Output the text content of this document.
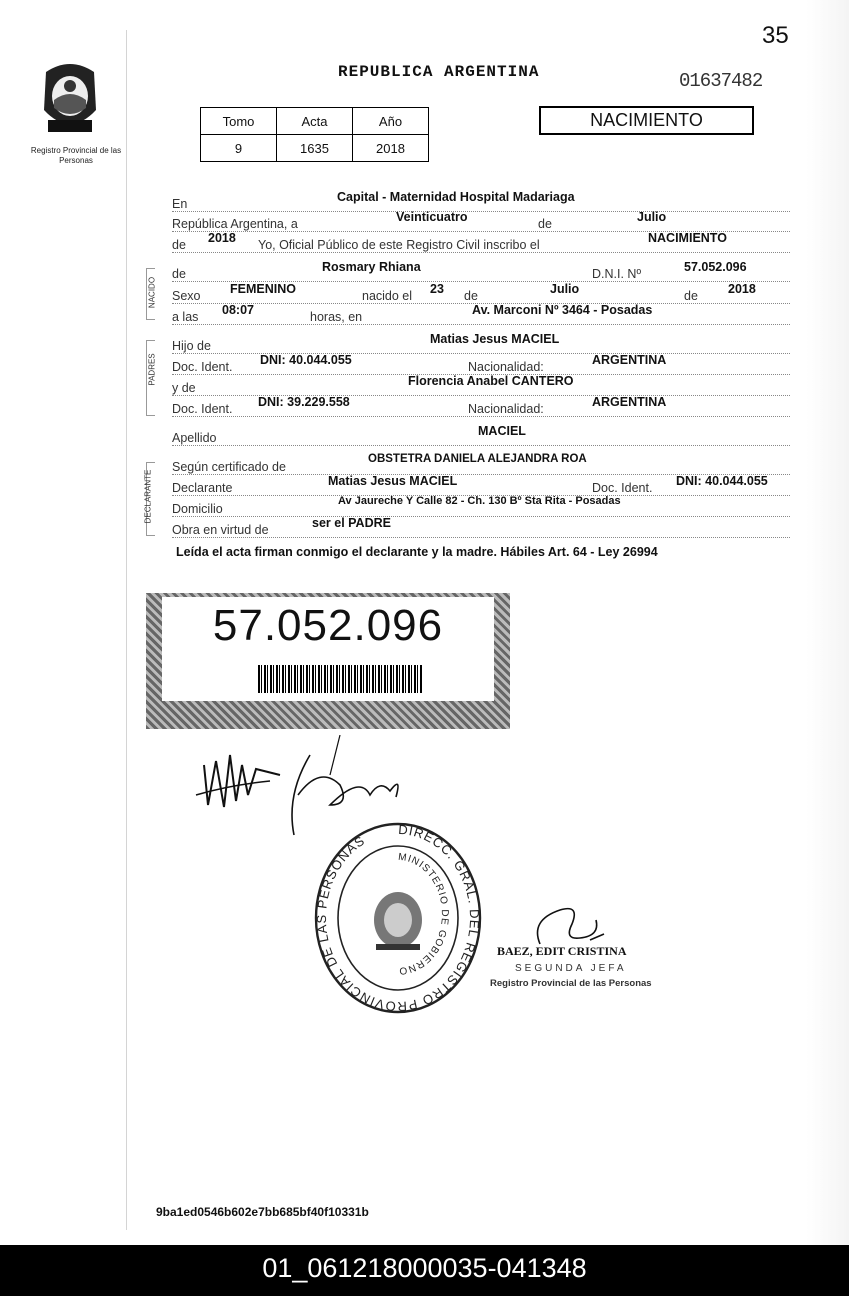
35
Registro Provincial de las Personas
REPUBLICA ARGENTINA	01637482
Tomo	Acta	Año
9	1635	2018
NACIMIENTO
En	Capital - Maternidad Hospital Madariaga
República Argentina, a	Veinticuatro	de	Julio
de 2018 Yo, Oficial Público de este Registro Civil inscribo el	NACIMIENTO
NACIDO
de	Rosmary Rhiana	D.N.I. Nº	57.052.096
Sexo FEMENINO	nacido el 23 de	Julio	de 2018
a las 08:07	horas, en	Av. Marconi Nº 3464 - Posadas
PADRES
Hijo de	Matias Jesus MACIEL
Doc. Ident. DNI: 40.044.055	Nacionalidad:	ARGENTINA
y de	Florencia Anabel CANTERO
Doc. Ident. DNI: 39.229.558	Nacionalidad:	ARGENTINA
Apellido	MACIEL
DECLARANTE
Según certificado de
OBSTETRA DANIELA ALEJANDRA ROA
Declarante	Matias Jesus MACIEL	Doc. Ident. DNI: 40.044.055
Domicilio
Av Jaureche Y Calle 82 - Ch. 130 Bº Sta Rita - Posadas
Obra en virtud de	ser el PADRE
Leída el acta firman conmigo el declarante y la madre. Hábiles Art. 64 - Ley 26994
57.052.096
DIRECC. GRAL. DEL REGISTRO PROVINCIAL DE LAS PERSONAS
MINISTERIO DE GOBIERNO
BAEZ, EDIT CRISTINA
SEGUNDA JEFA
Registro Provincial de las Personas
9ba1ed0546b602e7bb685bf40f10331b
01_061218000035-041348
